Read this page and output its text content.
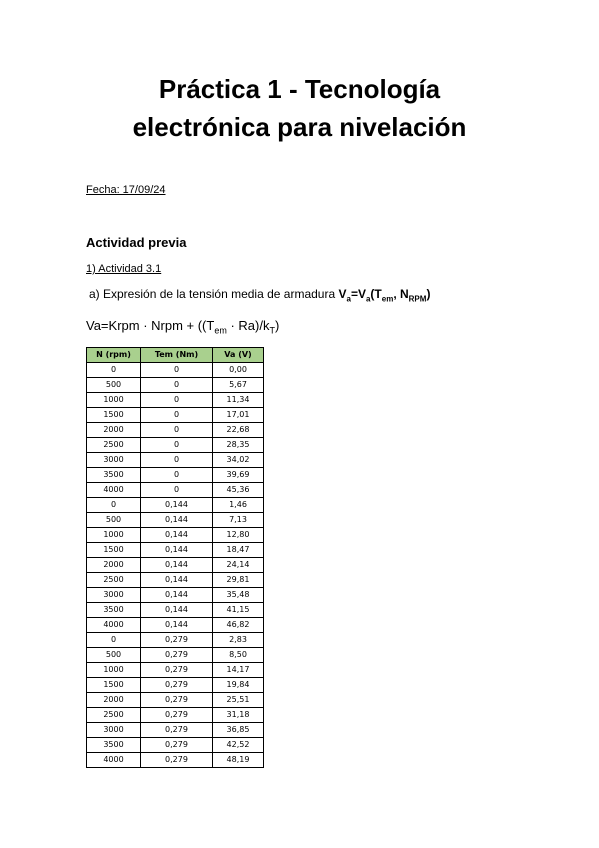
Práctica 1 - Tecnología
electrónica para nivelación
Fecha: 17/09/24
Actividad previa
1) Actividad 3.1
a) Expresión de la tensión media de armadura $V_a=V_a(T_{em}$, $N_{RPM}$)
Va=Krpm · Nrpm + $((T_{em} \cdot Ra)/k_T)$
N (rpm)	Tem (Nm)	Va (V)
0	0	0,00
500	0	5,67
1000	0	11,34
1500	0	17,01
2000	0	22,68
2500	0	28,35
3000	0	34,02
3500	0	39,69
4000	0	45,36
0	0,144	1,46
500	0,144	7,13
1000	0,144	12,80
1500	0,144	18,47
2000	0,144	24,14
2500	0,144	29,81
3000	0,144	35,48
3500	0,144	41,15
4000	0,144	46,82
0	0,279	2,83
500	0,279	8,50
1000	0,279	14,17
1500	0,279	19,84
2000	0,279	25,51
2500	0,279	31,18
3000	0,279	36,85
3500	0,279	42,52
4000	0,279	48,19
